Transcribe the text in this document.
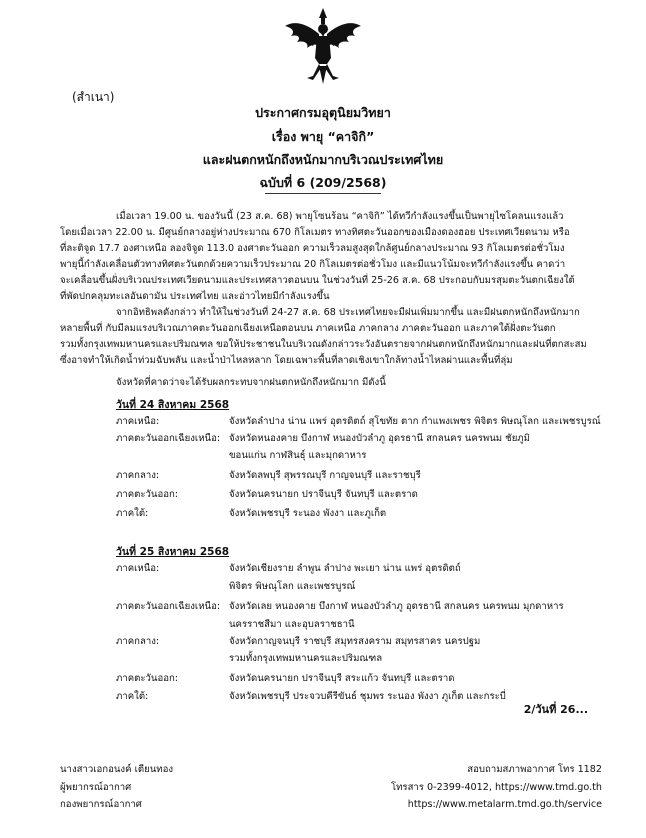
(สำเนา)
ประกาศกรมอุตุนิยมวิทยา
เรื่อง พายุ “คาจิกิ”
และฝนตกหนักถึงหนักมากบริเวณประเทศไทย
ฉบับที่ 6 (209/2568)
เมื่อเวลา 19.00 น. ของวันนี้ (23 ส.ค. 68) พายุโซนร้อน “คาจิกิ” ได้ทวีกำลังแรงขึ้นเป็นพายุไซโคลนแรงแล้ว
โดยเมื่อเวลา 22.00 น. มีศูนย์กลางอยู่ห่างประมาณ 670 กิโลเมตร ทางทิศตะวันออกของเมืองดองฮอย ประเทศเวียดนาม หรือ
ที่ละติจูด 17.7 องศาเหนือ ลองจิจูด 113.0 องศาตะวันออก ความเร็วลมสูงสุดใกล้ศูนย์กลางประมาณ 93 กิโลเมตรต่อชั่วโมง
พายุนี้กำลังเคลื่อนตัวทางทิศตะวันตกด้วยความเร็วประมาณ 20 กิโลเมตรต่อชั่วโมง และมีแนวโน้มจะทวีกำลังแรงขึ้น คาดว่า
จะเคลื่อนขึ้นฝั่งบริเวณประเทศเวียดนามและประเทศลาวตอนบน ในช่วงวันที่ 25-26 ส.ค. 68 ประกอบกับมรสุมตะวันตกเฉียงใต้
ที่พัดปกคลุมทะเลอันดามัน ประเทศไทย และอ่าวไทยมีกำลังแรงขึ้น
จากอิทธิพลดังกล่าว ทำให้ในช่วงวันที่ 24-27 ส.ค. 68 ประเทศไทยจะมีฝนเพิ่มมากขึ้น และมีฝนตกหนักถึงหนักมาก
หลายพื้นที่ กับมีลมแรงบริเวณภาคตะวันออกเฉียงเหนือตอนบน ภาคเหนือ ภาคกลาง ภาคตะวันออก และภาคใต้ฝั่งตะวันตก
รวมทั้งกรุงเทพมหานครและปริมณฑล ขอให้ประชาชนในบริเวณดังกล่าวระวังอันตรายจากฝนตกหนักถึงหนักมากและฝนที่ตกสะสม
ซึ่งอาจทำให้เกิดน้ำท่วมฉับพลัน และน้ำป่าไหลหลาก โดยเฉพาะพื้นที่ลาดเชิงเขาใกล้ทางน้ำไหลผ่านและพื้นที่ลุ่ม
จังหวัดที่คาดว่าจะได้รับผลกระทบจากฝนตกหนักถึงหนักมาก มีดังนี้
วันที่ 24 สิงหาคม 2568
ภาคเหนือ:	จังหวัดลำปาง น่าน แพร่ อุตรดิตถ์ สุโขทัย ตาก กำแพงเพชร พิจิตร พิษณุโลก และเพชรบูรณ์
ภาคตะวันออกเฉียงเหนือ: จังหวัดหนองคาย บึงกาฬ หนองบัวลำภู อุดรธานี สกลนคร นครพนม ชัยภูมิ
ขอนแก่น กาฬสินธุ์ และมุกดาหาร
ภาคกลาง:	จังหวัดลพบุรี สุพรรณบุรี กาญจนบุรี และราชบุรี
ภาคตะวันออก:	จังหวัดนครนายก ปราจีนบุรี จันทบุรี และตราด
ภาคใต้:	จังหวัดเพชรบุรี ระนอง พังงา และภูเก็ต
วันที่ 25 สิงหาคม 2568
ภาคเหนือ:	จังหวัดเชียงราย ลำพูน ลำปาง พะเยา น่าน แพร่ อุตรดิตถ์
พิจิตร พิษณุโลก และเพชรบูรณ์
ภาคตะวันออกเฉียงเหนือ: จังหวัดเลย หนองคาย บึงกาฬ หนองบัวลำภู อุดรธานี สกลนคร นครพนม มุกดาหาร
นครราชสีมา และอุบลราชธานี
ภาคกลาง:	จังหวัดกาญจนบุรี ราชบุรี สมุทรสงคราม สมุทรสาคร นครปฐม
รวมทั้งกรุงเทพมหานครและปริมณฑล
ภาคตะวันออก:	จังหวัดนครนายก ปราจีนบุรี สระแก้ว จันทบุรี และตราด
ภาคใต้:	จังหวัดเพชรบุรี ประจวบคีรีขันธ์ ชุมพร ระนอง พังงา ภูเก็ต และกระบี่
2/วันที่ 26...
นางสาวเอกอนงค์ เตียนทอง
ผู้พยากรณ์อากาศ
กองพยากรณ์อากาศ
สอบถามสภาพอากาศ โทร 1182
โทรสาร 0-2399-4012, https://www.tmd.go.th
https://www.metalarm.tmd.go.th/service
